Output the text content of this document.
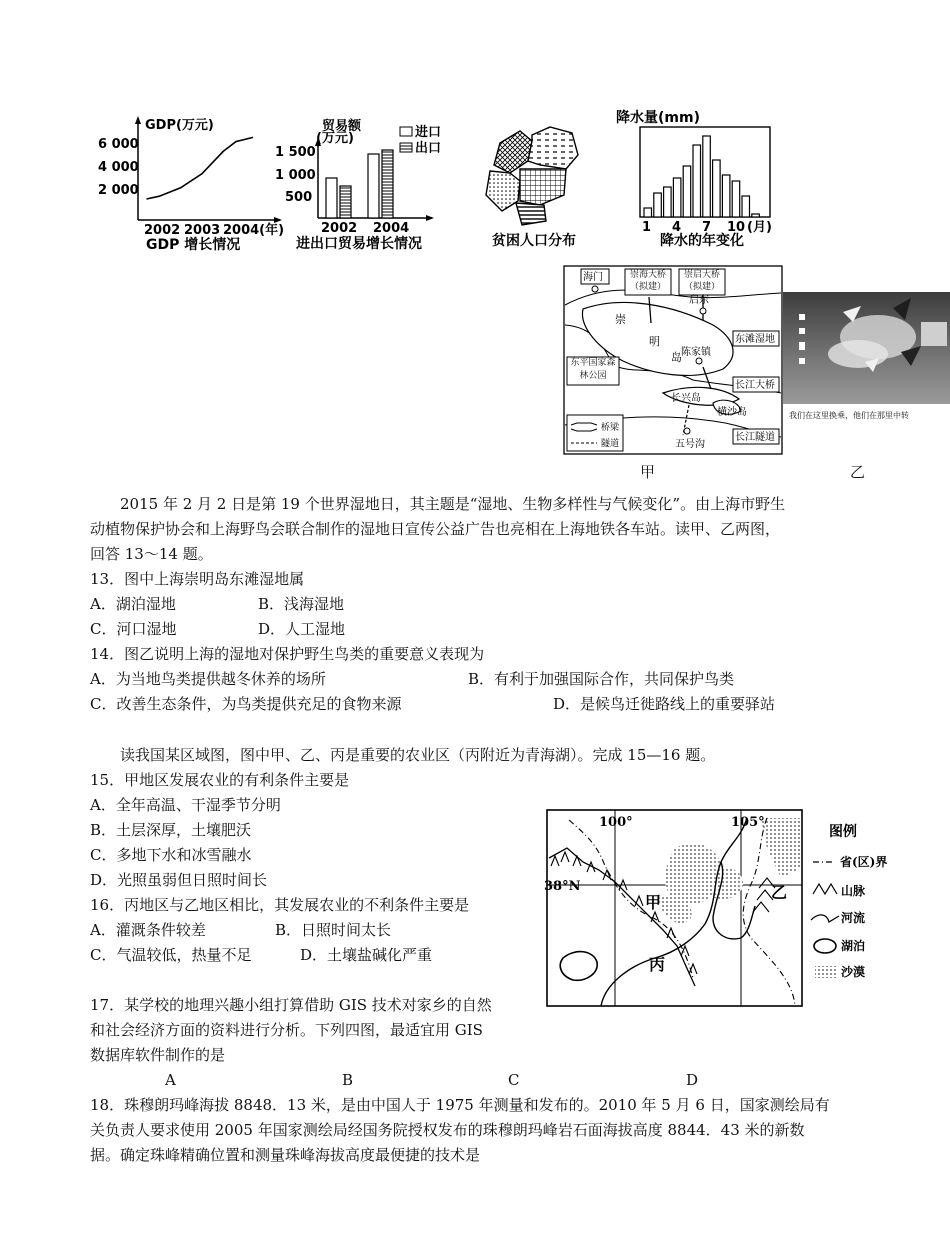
GDP(万元)
6 000
4 000
2 000
2002 2003 2004(年)
GDP 增长情况
贸易额
(万元)
1 500
1 000
500
进口
出口
2002 2004
进出口贸易增长情况	贫困人口分布
降水量(mm)
1 4 7 10 (月)
降水的年变化
海门	崇海大桥（拟建）
崇启大桥（拟建）
启东
东滩湿地
崇
明
岛 陈家镇
东平国家森林公园
长江大桥
长兴岛
横沙岛
长江隧道
五号沟
桥梁
隧道
甲
我们在这里换乘，他们在那里中转
乙
2015 年 2 月 2 日是第 19 个世界湿地日，其主题是“湿地、生物多样性与气候变化”。由上海市野生
动植物保护协会和上海野鸟会联合制作的湿地日宣传公益广告也亮相在上海地铁各车站。读甲、乙两图，
回答 13～14 题。
13．图中上海崇明岛东滩湿地属
A．湖泊湿地	B．浅海湿地
C．河口湿地	D．人工湿地
14．图乙说明上海的湿地对保护野生鸟类的重要意义表现为
A．为当地鸟类提供越冬休养的场所	B．有利于加强国际合作，共同保护鸟类
C．改善生态条件，为鸟类提供充足的食物来源	D．是候鸟迁徙路线上的重要驿站
读我国某区域图，图中甲、乙、丙是重要的农业区（丙附近为青海湖）。完成 15—16 题。
15．甲地区发展农业的有利条件主要是
A．全年高温、干湿季节分明
B．土层深厚，土壤肥沃
C．多地下水和冰雪融水
D．光照虽弱但日照时间长
16．丙地区与乙地区相比，其发展农业的不利条件主要是
A．灌溉条件较差	B．日照时间太长
C．气温较低，热量不足	D．土壤盐碱化严重
100°	105°
38°N
甲
乙
丙
图例
省(区)界
山脉
河流
湖泊
沙漠
17．某学校的地理兴趣小组打算借助 GIS 技术对家乡的自然
和社会经济方面的资料进行分析。下列四图，最适宜用 GIS
数据库软件制作的是
A	B	C	D
18．珠穆朗玛峰海拔 8848．13 米，是由中国人于 1975 年测量和发布的。2010 年 5 月 6 日，国家测绘局有
关负责人要求使用 2005 年国家测绘局经国务院授权发布的珠穆朗玛峰岩石面海拔高度 8844．43 米的新数
据。确定珠峰精确位置和测量珠峰海拔高度最便捷的技术是
